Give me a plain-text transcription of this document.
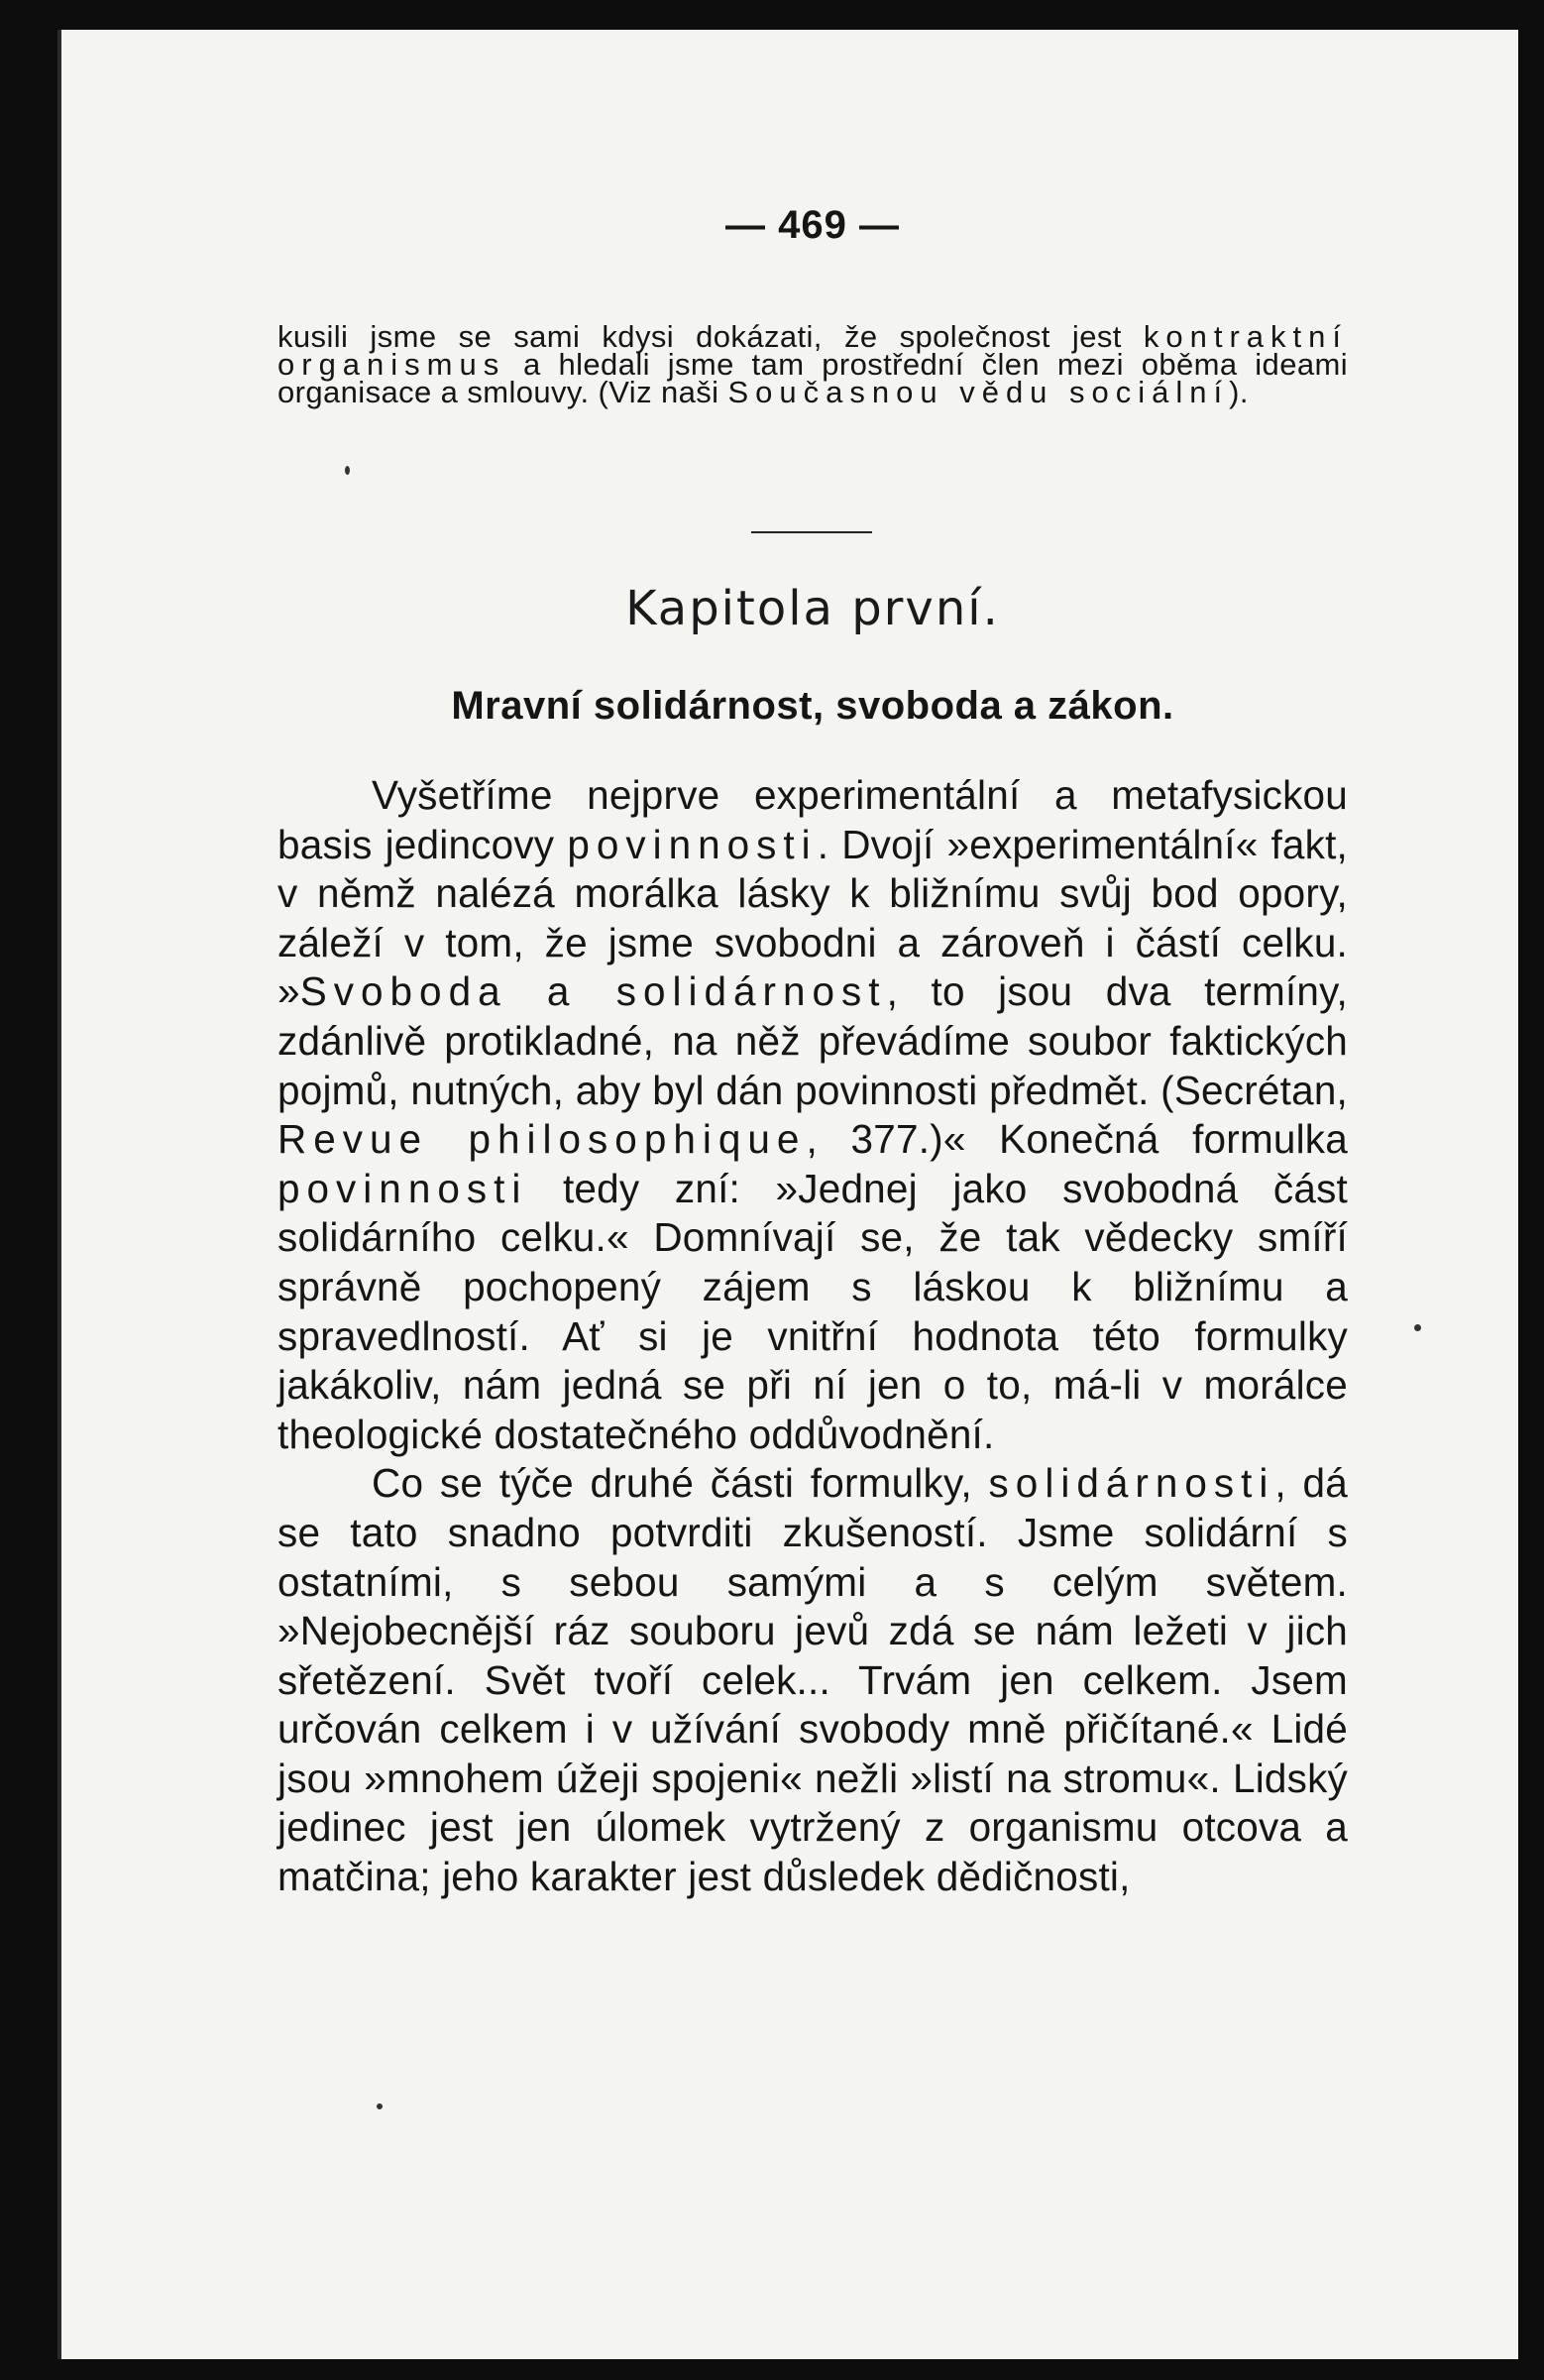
— 469 —

kusili jsme se sami kdysi dokázati, že společnost jest kontraktní organismus a hledali jsme tam prostřední člen mezi oběma ideami organisace a smlouvy. (Viz naši Současnou vědu sociální).

Kapitola první.
Mravní solidárnost, svoboda a zákon.

Vyšetříme nejprve experimentální a metafysickou basis jedincovy povinnosti. Dvojí »experimentální« fakt, v němž nalézá morálka lásky k bližnímu svůj bod opory, záleží v tom, že jsme svobodni a zároveň i částí celku. »Svoboda a solidárnost, to jsou dva termíny, zdánlivě protikladné, na něž převádíme soubor faktických pojmů, nutných, aby byl dán povinnosti předmět. (Secrétan, Revue philosophique, 377.)« Konečná formulka povinnosti tedy zní: »Jednej jako svobodná část solidárního celku.« Domnívají se, že tak vědecky smíří správně pochopený zájem s láskou k bližnímu a spravedlností. Ať si je vnitřní hodnota této formulky jakákoliv, nám jedná se při ní jen o to, má-li v morálce theologické dostatečného oddůvodnění.

Co se týče druhé části formulky, solidárnosti, dá se tato snadno potvrditi zkušeností. Jsme solidární s ostatními, s sebou samými a s celým světem. »Nejobecnější ráz souboru jevů zdá se nám ležeti v jich sřetězení. Svět tvoří celek... Trvám jen celkem. Jsem určován celkem i v užívání svobody mně přičítané.« Lidé jsou »mnohem úžeji spojeni« nežli »listí na stromu«. Lidský jedinec jest jen úlomek vytržený z organismu otcova a matčina; jeho karakter jest důsledek dědičnosti,
